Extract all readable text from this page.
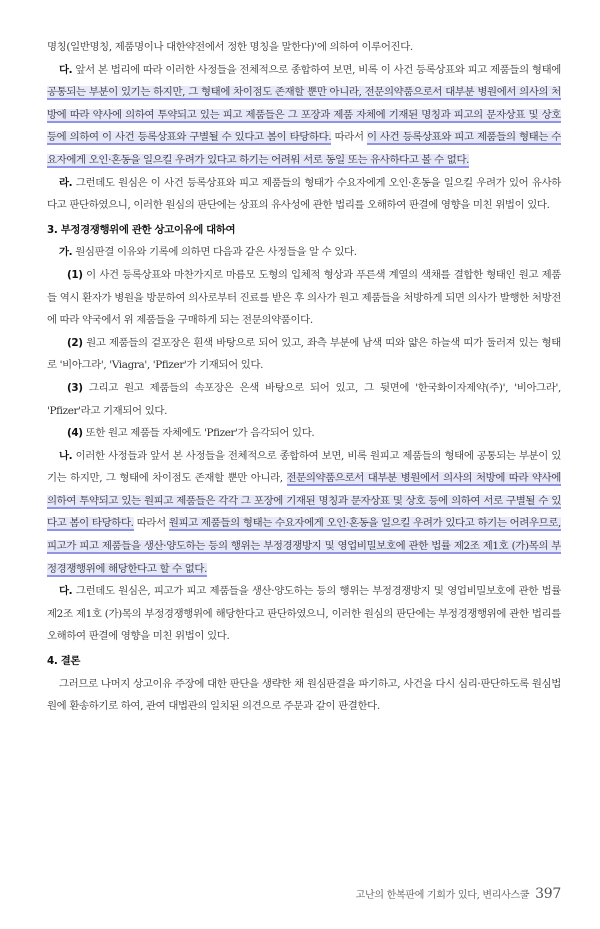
명칭(일반명칭, 제품명이나 대한약전에서 정한 명칭을 말한다)'에 의하여 이루어진다.

다. 앞서 본 법리에 따라 이러한 사정들을 전체적으로 종합하여 보면, 비록 이 사건 등록상표와 피고 제품들의 형태에 공통되는 부분이 있기는 하지만, 그 형태에 차이점도 존재할 뿐만 아니라, 전문의약품으로서 대부분 병원에서 의사의 처방에 따라 약사에 의하여 투약되고 있는 피고 제품들은 그 포장과 제품 자체에 기재된 명칭과 피고의 문자상표 및 상호 등에 의하여 이 사건 등록상표와 구별될 수 있다고 봄이 타당하다. 따라서 이 사건 등록상표와 피고 제품들의 형태는 수요자에게 오인·혼동을 일으킬 우려가 있다고 하기는 어려워 서로 동일 또는 유사하다고 볼 수 없다.

라. 그런데도 원심은 이 사건 등록상표와 피고 제품들의 형태가 수요자에게 오인·혼동을 일으킬 우려가 있어 유사하다고 판단하였으니, 이러한 원심의 판단에는 상표의 유사성에 관한 법리를 오해하여 판결에 영향을 미친 위법이 있다.

3. 부정경쟁행위에 관한 상고이유에 대하여

가. 원심판결 이유와 기록에 의하면 다음과 같은 사정들을 알 수 있다.

(1) 이 사건 등록상표와 마찬가지로 마름모 도형의 입체적 형상과 푸른색 계열의 색채를 결합한 형태인 원고 제품들 역시 환자가 병원을 방문하여 의사로부터 진료를 받은 후 의사가 원고 제품들을 처방하게 되면 의사가 발행한 처방전에 따라 약국에서 위 제품들을 구매하게 되는 전문의약품이다.

(2) 원고 제품들의 겉포장은 흰색 바탕으로 되어 있고, 좌측 부분에 남색 띠와 얇은 하늘색 띠가 둘러져 있는 형태로 '비아그라', 'Viagra', 'Pfizer'가 기재되어 있다.

(3) 그리고 원고 제품들의 속포장은 은색 바탕으로 되어 있고, 그 뒷면에 '한국화이자제약(주)', '비아그라', 'Pfizer'라고 기재되어 있다.

(4) 또한 원고 제품들 자체에도 'Pfizer'가 음각되어 있다.

나. 이러한 사정들과 앞서 본 사정들을 전체적으로 종합하여 보면, 비록 원피고 제품들의 형태에 공통되는 부분이 있기는 하지만, 그 형태에 차이점도 존재할 뿐만 아니라, 전문의약품으로서 대부분 병원에서 의사의 처방에 따라 약사에 의하여 투약되고 있는 원피고 제품들은 각각 그 포장에 기재된 명칭과 문자상표 및 상호 등에 의하여 서로 구별될 수 있다고 봄이 타당하다. 따라서 원피고 제품들의 형태는 수요자에게 오인·혼동을 일으킬 우려가 있다고 하기는 어려우므로, 피고가 피고 제품들을 생산·양도하는 등의 행위는 부정경쟁방지 및 영업비밀보호에 관한 법률 제2조 제1호 (가)목의 부정경쟁행위에 해당한다고 할 수 없다.

다. 그런데도 원심은, 피고가 피고 제품들을 생산·양도하는 등의 행위는 부정경쟁방지 및 영업비밀보호에 관한 법률 제2조 제1호 (가)목의 부정경쟁행위에 해당한다고 판단하였으니, 이러한 원심의 판단에는 부정경쟁행위에 관한 법리를 오해하여 판결에 영향을 미친 위법이 있다.

4. 결론

그러므로 나머지 상고이유 주장에 대한 판단을 생략한 채 원심판결을 파기하고, 사건을 다시 심리·판단하도록 원심법원에 환송하기로 하여, 관여 대법관의 일치된 의견으로 주문과 같이 판결한다.

고난의 한복판에 기회가 있다, 변리사스쿨 397
